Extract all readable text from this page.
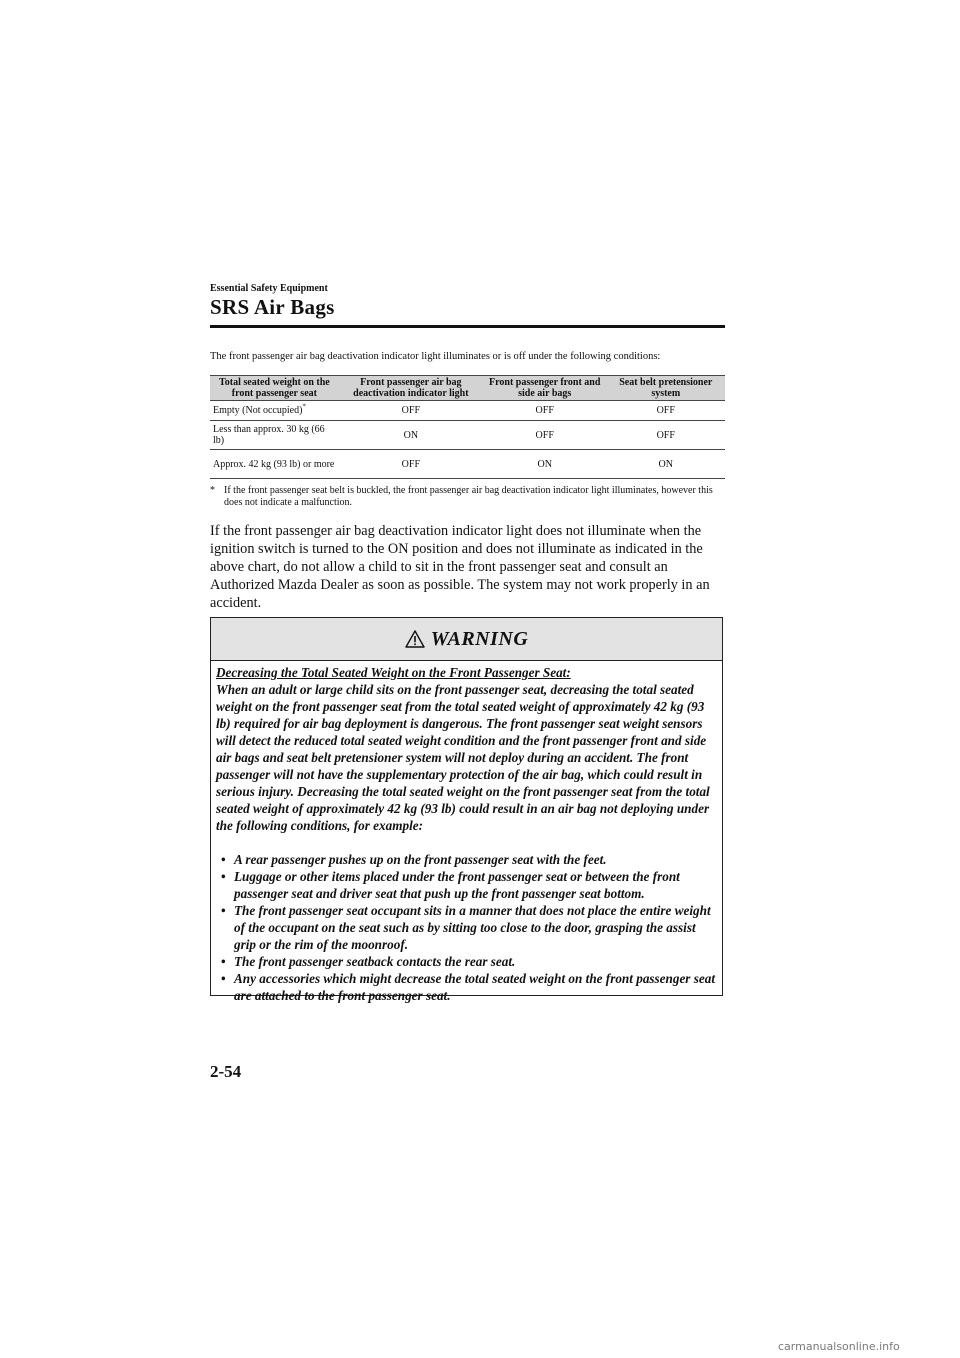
Essential Safety Equipment
SRS Air Bags
The front passenger air bag deactivation indicator light illuminates or is off under the following conditions:
Total seated weight on the front passenger seat	Front passenger air bag deactivation indicator light	Front passenger front and side air bags	Seat belt pretensioner system
Empty (Not occupied)*	OFF	OFF	OFF
Less than approx. 30 kg (66 lb)	ON	OFF	OFF
Approx. 42 kg (93 lb) or more	OFF	ON	ON
* If the front passenger seat belt is buckled, the front passenger air bag deactivation indicator light illuminates, however this does not indicate a malfunction.
If the front passenger air bag deactivation indicator light does not illuminate when the ignition switch is turned to the ON position and does not illuminate as indicated in the above chart, do not allow a child to sit in the front passenger seat and consult an Authorized Mazda Dealer as soon as possible. The system may not work properly in an accident.
WARNING
Decreasing the Total Seated Weight on the Front Passenger Seat:
When an adult or large child sits on the front passenger seat, decreasing the total seated weight on the front passenger seat from the total seated weight of approximately 42 kg (93 lb) required for air bag deployment is dangerous. The front passenger seat weight sensors will detect the reduced total seated weight condition and the front passenger front and side air bags and seat belt pretensioner system will not deploy during an accident. The front passenger will not have the supplementary protection of the air bag, which could result in serious injury. Decreasing the total seated weight on the front passenger seat from the total seated weight of approximately 42 kg (93 lb) could result in an air bag not deploying under the following conditions, for example:
• A rear passenger pushes up on the front passenger seat with the feet.
• Luggage or other items placed under the front passenger seat or between the front passenger seat and driver seat that push up the front passenger seat bottom.
• The front passenger seat occupant sits in a manner that does not place the entire weight of the occupant on the seat such as by sitting too close to the door, grasping the assist grip or the rim of the moonroof.
• The front passenger seatback contacts the rear seat.
• Any accessories which might decrease the total seated weight on the front passenger seat are attached to the front passenger seat.
2-54
carmanualsonline.info
